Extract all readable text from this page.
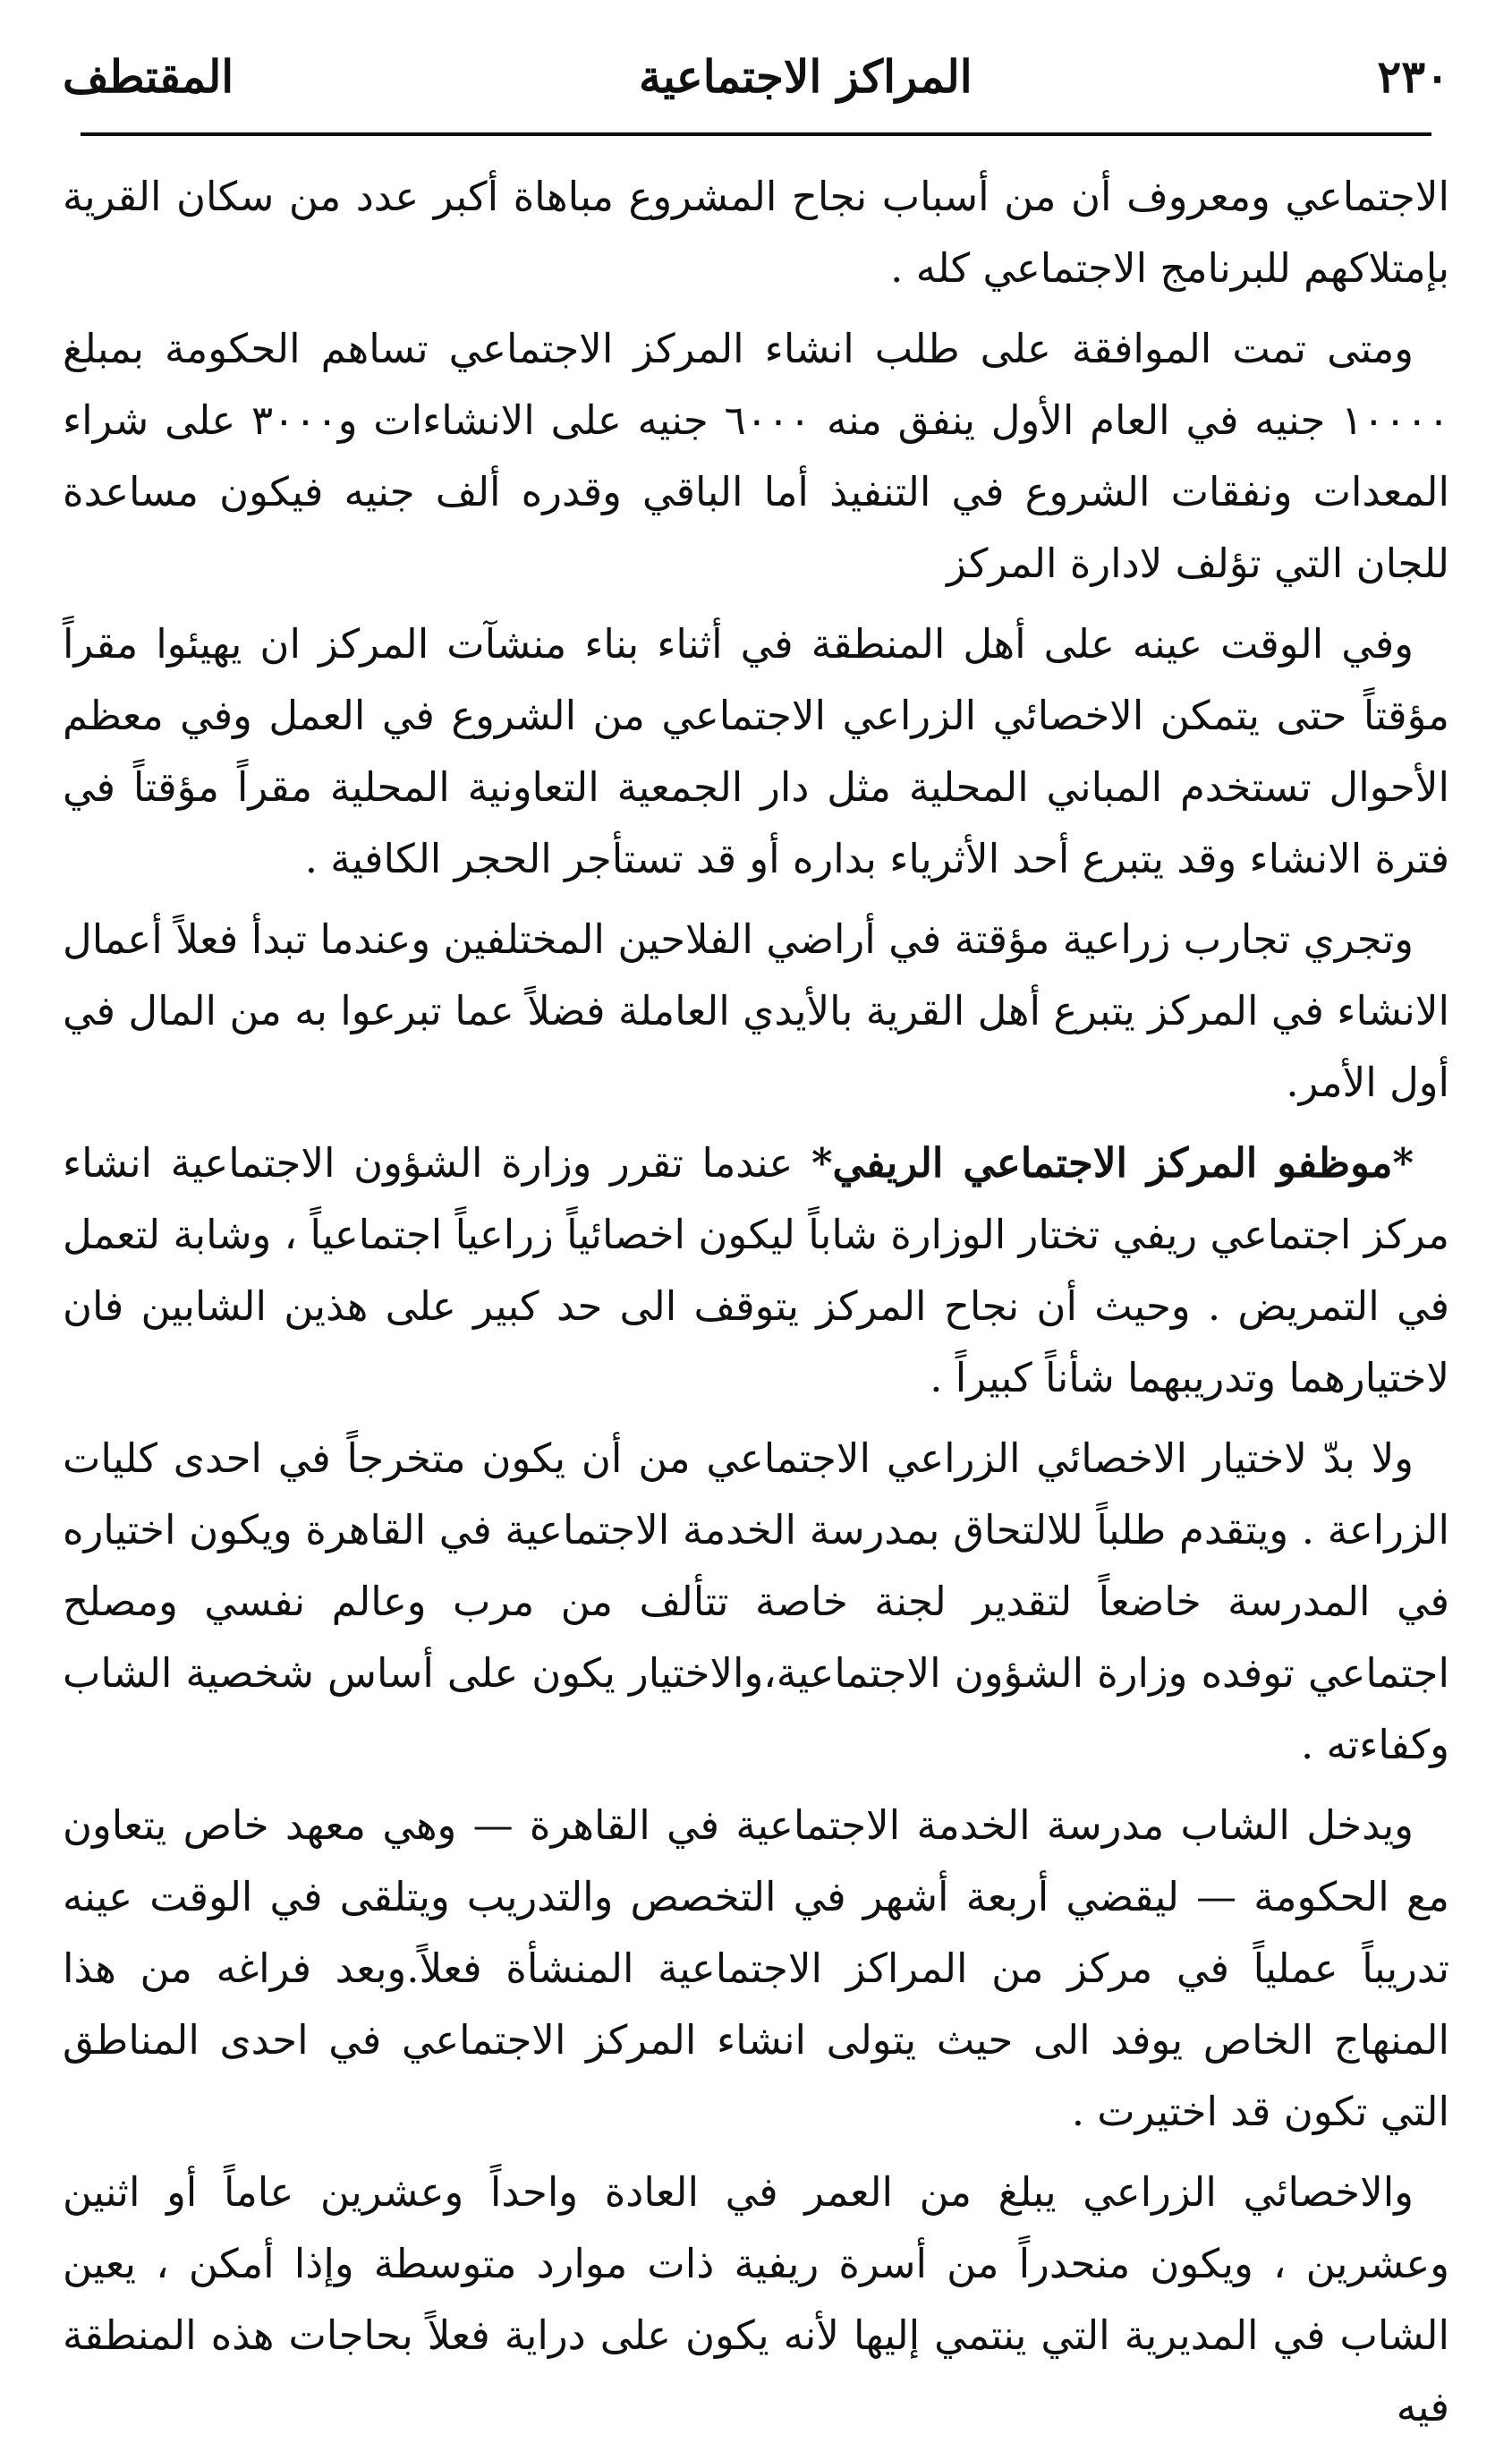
٢٣٠
المراكز الاجتماعية
المقتطف

الاجتماعي ومعروف أن من أسباب نجاح المشروع مباهاة أكبر عدد من سكان القرية بإمتلاكهم للبرنامج الاجتماعي كله .

ومتى تمت الموافقة على طلب انشاء المركز الاجتماعي تساهم الحكومة بمبلغ ١٠٠٠٠ جنيه في العام الأول ينفق منه ٦٠٠٠ جنيه على الانشاءات و٣٠٠٠ على شراء المعدات ونفقات الشروع في التنفيذ أما الباقي وقدره ألف جنيه فيكون مساعدة للجان التي تؤلف لادارة المركز

وفي الوقت عينه على أهل المنطقة في أثناء بناء منشآت المركز ان يهيئوا مقراً مؤقتاً حتى يتمكن الاخصائي الزراعي الاجتماعي من الشروع في العمل وفي معظم الأحوال تستخدم المباني المحلية مثل دار الجمعية التعاونية المحلية مقراً مؤقتاً في فترة الانشاء وقد يتبرع أحد الأثرياء بداره أو قد تستأجر الحجر الكافية .

وتجري تجارب زراعية مؤقتة في أراضي الفلاحين المختلفين وعندما تبدأ فعلاً أعمال الانشاء في المركز يتبرع أهل القرية بالأيدي العاملة فضلاً عما تبرعوا به من المال في أول الأمر.

*موظفو المركز الاجتماعي الريفي* عندما تقرر وزارة الشؤون الاجتماعية انشاء مركز اجتماعي ريفي تختار الوزارة شاباً ليكون اخصائياً زراعياً اجتماعياً ، وشابة لتعمل في التمريض . وحيث أن نجاح المركز يتوقف الى حد كبير على هذين الشابين فان لاختيارهما وتدريبهما شأناً كبيراً .

ولا بدّ لاختيار الاخصائي الزراعي الاجتماعي من أن يكون متخرجاً في احدى كليات الزراعة . ويتقدم طلباً للالتحاق بمدرسة الخدمة الاجتماعية في القاهرة ويكون اختياره في المدرسة خاضعاً لتقدير لجنة خاصة تتألف من مرب وعالم نفسي ومصلح اجتماعي توفده وزارة الشؤون الاجتماعية،والاختيار يكون على أساس شخصية الشاب وكفاءته .

ويدخل الشاب مدرسة الخدمة الاجتماعية في القاهرة — وهي معهد خاص يتعاون مع الحكومة — ليقضي أربعة أشهر في التخصص والتدريب ويتلقى في الوقت عينه تدريباً عملياً في مركز من المراكز الاجتماعية المنشأة فعلاً.وبعد فراغه من هذا المنهاج الخاص يوفد الى حيث يتولى انشاء المركز الاجتماعي في احدى المناطق التي تكون قد اختيرت .

والاخصائي الزراعي يبلغ من العمر في العادة واحداً وعشرين عاماً أو اثنين وعشرين ، ويكون منحدراً من أسرة ريفية ذات موارد متوسطة وإذا أمكن ، يعين الشاب في المديرية التي ينتمي إليها لأنه يكون على دراية فعلاً بحاجات هذه المنطقة فيه
